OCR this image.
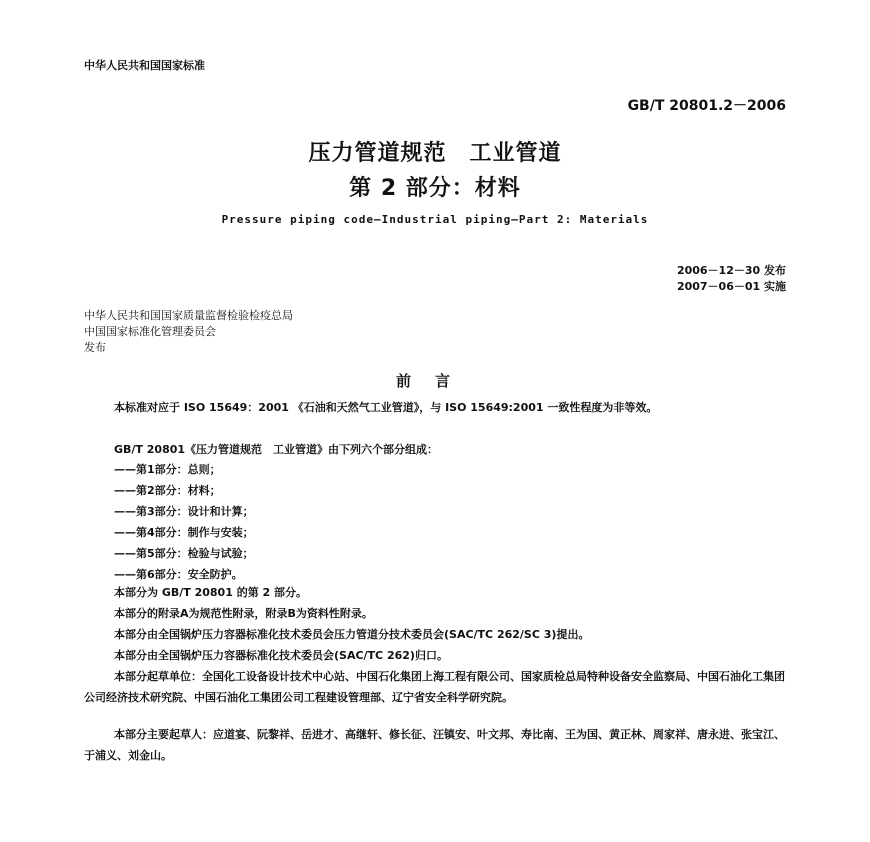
中华人民共和国国家标准
GB/T 20801.2－2006
压力管道规范　工业管道
第 2 部分：材料
Pressure piping code—Industrial piping—Part 2: Materials
2006－12－30 发布
2007－06－01 实施
中华人民共和国国家质量监督检验检疫总局
中国国家标准化管理委员会
发布
前言
本标准对应于 ISO 15649：2001 《石油和天然气工业管道》，与 ISO 15649:2001 一致性程度为非等效。
GB/T 20801《压力管道规范　工业管道》由下列六个部分组成：
——第1部分：总则；
——第2部分：材料；
——第3部分：设计和计算；
——第4部分：制作与安装；
——第5部分：检验与试验；
——第6部分：安全防护。
本部分为 GB/T 20801 的第 2 部分。
本部分的附录A为规范性附录，附录B为资料性附录。
本部分由全国锅炉压力容器标准化技术委员会压力管道分技术委员会(SAC/TC 262/SC 3)提出。
本部分由全国锅炉压力容器标准化技术委员会(SAC/TC 262)归口。
本部分起草单位：全国化工设备设计技术中心站、中国石化集团上海工程有限公司、国家质检总局特种设备安全监察局、中国石油化工集团公司经济技术研究院、中国石油化工集团公司工程建设管理部、辽宁省安全科学研究院。
本部分主要起草人：应道宴、阮黎祥、岳进才、高继轩、修长征、汪镇安、叶文邦、寿比南、王为国、黄正林、周家祥、唐永进、张宝江、于浦义、刘金山。
